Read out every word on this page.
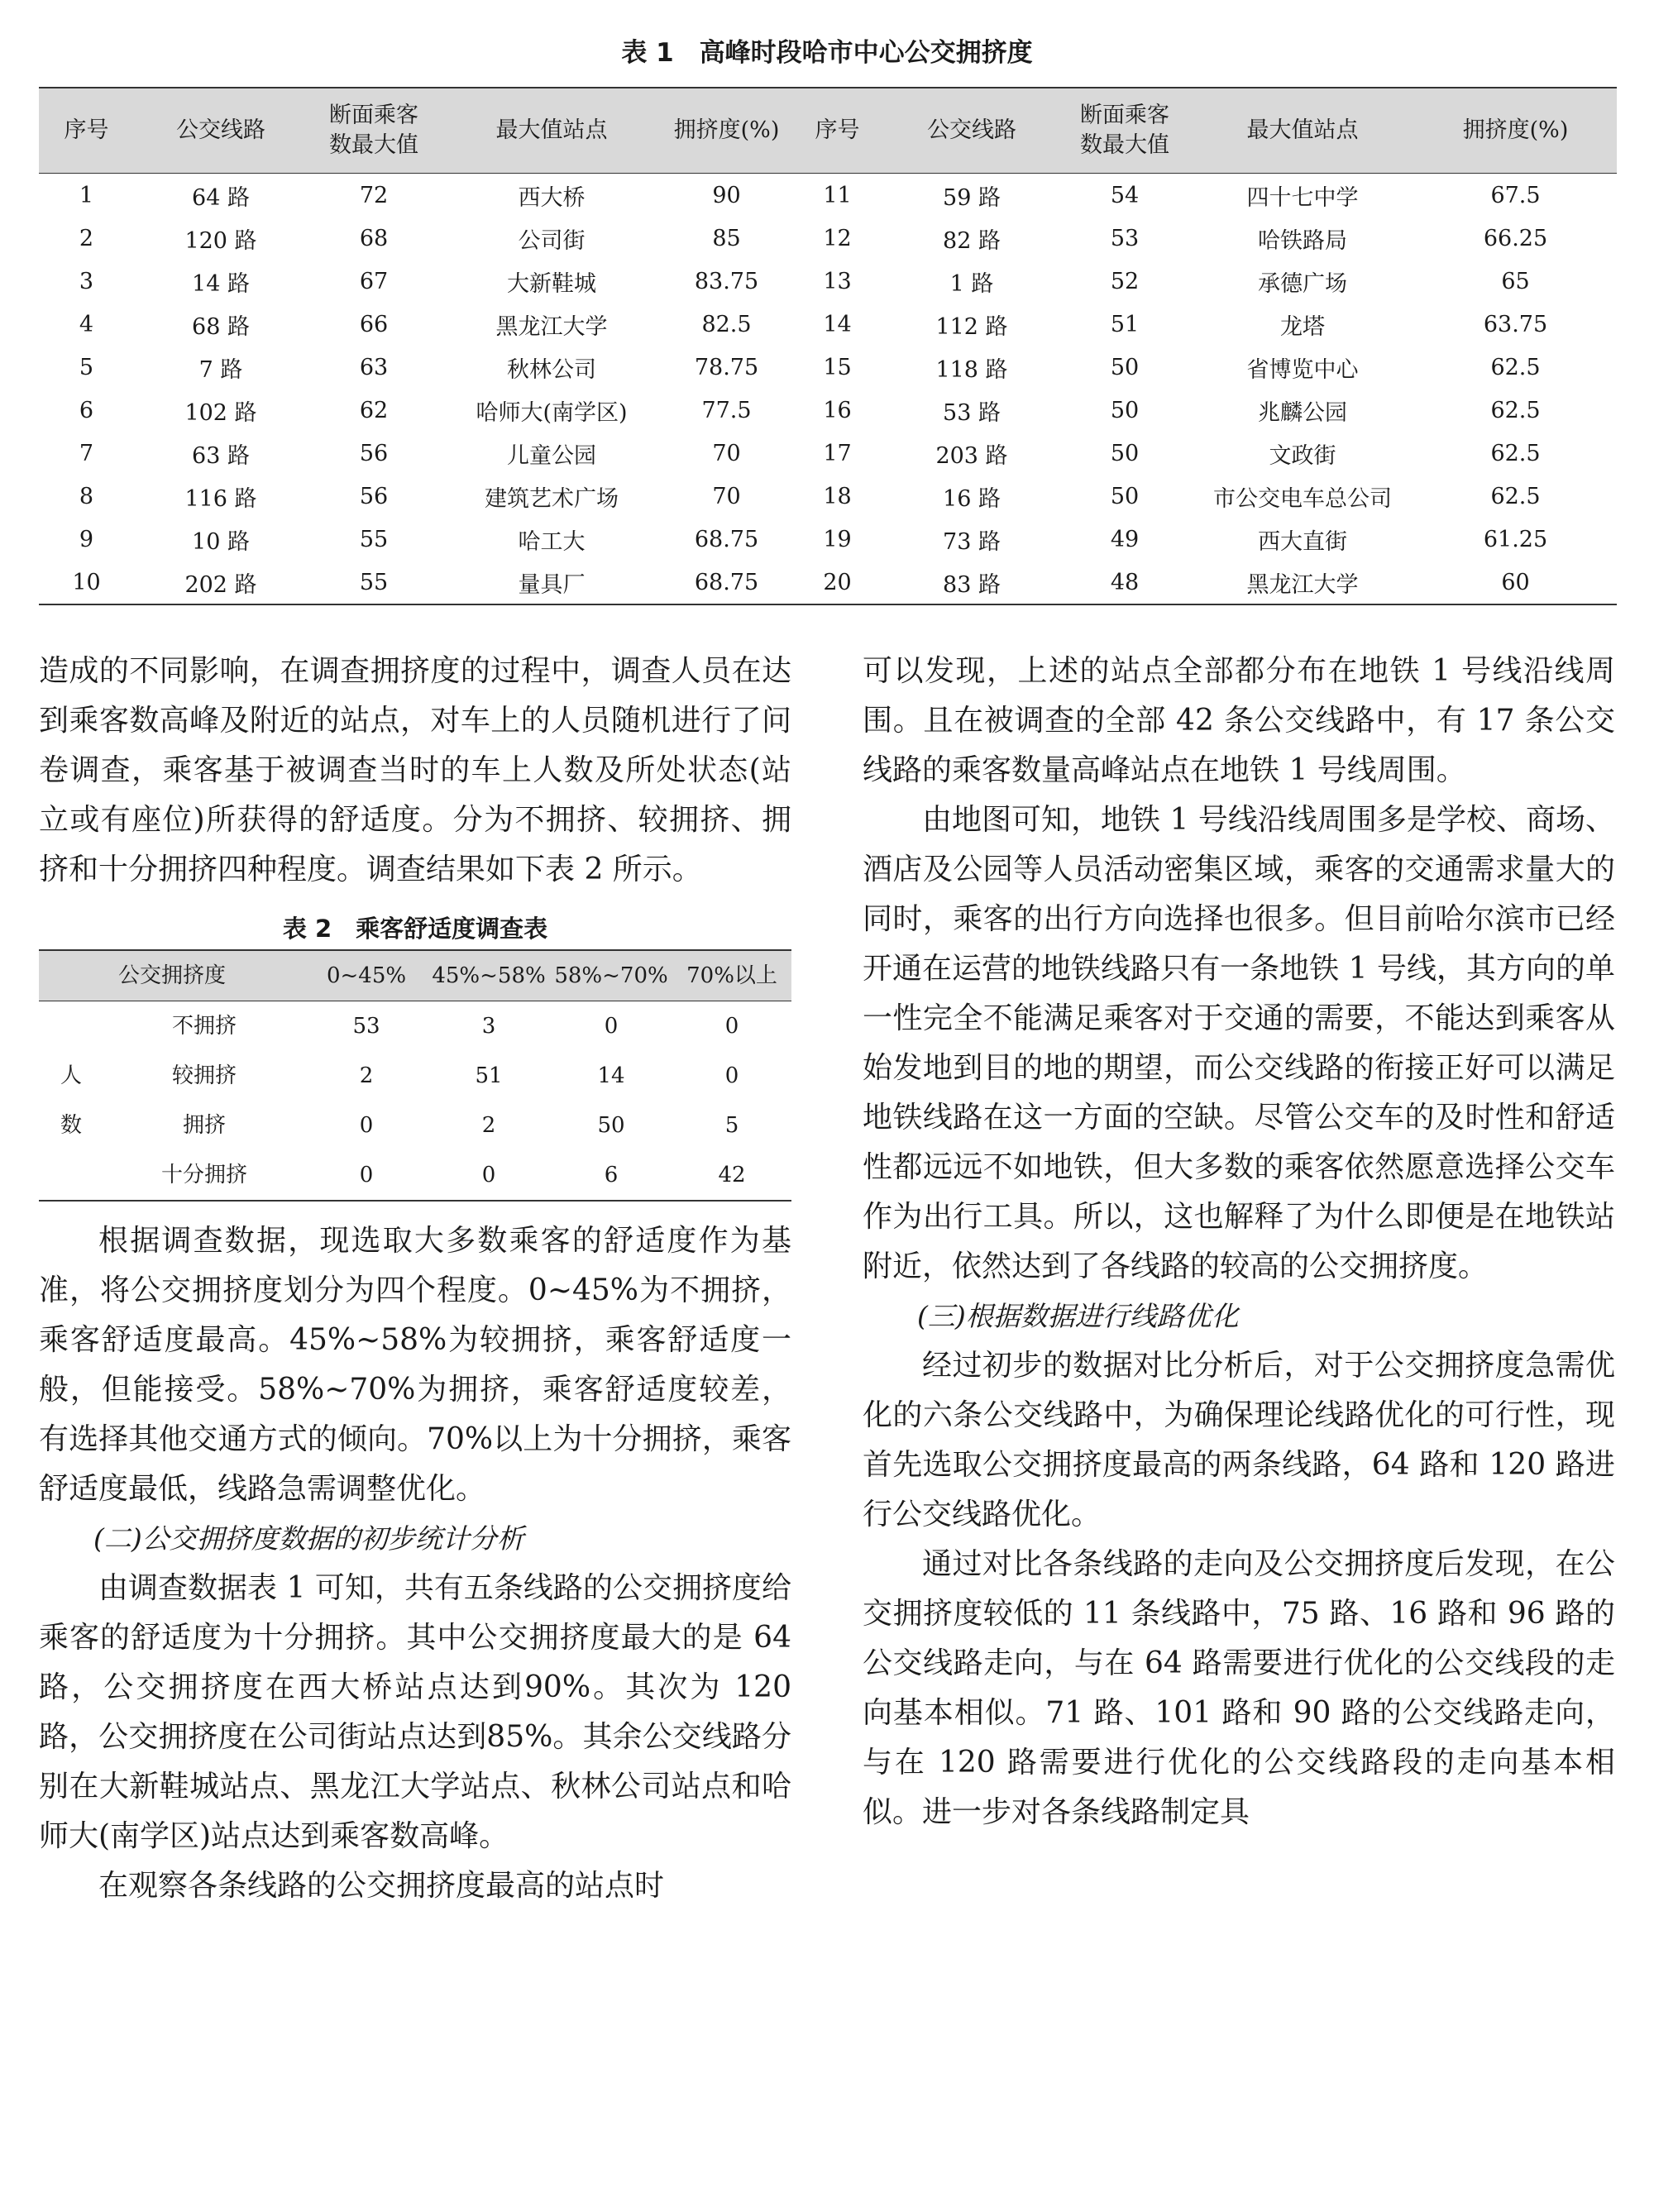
表 1　高峰时段哈市中心公交拥挤度
序号	公交线路	断面乘客数最大值	最大值站点	拥挤度(%)	序号	公交线路	断面乘客数最大值	最大值站点	拥挤度(%)
1	64 路	72	西大桥	90	11	59 路	54	四十七中学	67.5
2	120 路	68	公司街	85	12	82 路	53	哈铁路局	66.25
3	14 路	67	大新鞋城	83.75	13	1 路	52	承德广场	65
4	68 路	66	黑龙江大学	82.5	14	112 路	51	龙塔	63.75
5	7 路	63	秋林公司	78.75	15	118 路	50	省博览中心	62.5
6	102 路	62	哈师大(南学区)	77.5	16	53 路	50	兆麟公园	62.5
7	63 路	56	儿童公园	70	17	203 路	50	文政街	62.5
8	116 路	56	建筑艺术广场	70	18	16 路	50	市公交电车总公司	62.5
9	10 路	55	哈工大	68.75	19	73 路	49	西大直街	61.25
10	202 路	55	量具厂	68.75	20	83 路	48	黑龙江大学	60

造成的不同影响，在调查拥挤度的过程中，调查人员在达到乘客数高峰及附近的站点，对车上的人员随机进行了问卷调查，乘客基于被调查当时的车上人数及所处状态(站立或有座位)所获得的舒适度。分为不拥挤、较拥挤、拥挤和十分拥挤四种程度。调查结果如下表 2 所示。

表 2　乘客舒适度调查表
公交拥挤度		0~45%	45%~58%	58%~70%	70%以上
	不拥挤	53	3	0	0
人	较拥挤	2	51	14	0
数	拥挤	0	2	50	5
	十分拥挤	0	0	6	42

根据调查数据，现选取大多数乘客的舒适度作为基准，将公交拥挤度划分为四个程度。0~45%为不拥挤，乘客舒适度最高。45%~58%为较拥挤，乘客舒适度一般，但能接受。58%~70%为拥挤，乘客舒适度较差，有选择其他交通方式的倾向。70%以上为十分拥挤，乘客舒适度最低，线路急需调整优化。

(二)公交拥挤度数据的初步统计分析

由调查数据表 1 可知，共有五条线路的公交拥挤度给乘客的舒适度为十分拥挤。其中公交拥挤度最大的是 64 路，公交拥挤度在西大桥站点达到90%。其次为 120 路，公交拥挤度在公司街站点达到85%。其余公交线路分别在大新鞋城站点、黑龙江大学站点、秋林公司站点和哈师大(南学区)站点达到乘客数高峰。

在观察各条线路的公交拥挤度最高的站点时

可以发现，上述的站点全部都分布在地铁 1 号线沿线周围。且在被调查的全部 42 条公交线路中，有 17 条公交线路的乘客数量高峰站点在地铁 1 号线周围。

由地图可知，地铁 1 号线沿线周围多是学校、商场、酒店及公园等人员活动密集区域，乘客的交通需求量大的同时，乘客的出行方向选择也很多。但目前哈尔滨市已经开通在运营的地铁线路只有一条地铁 1 号线，其方向的单一性完全不能满足乘客对于交通的需要，不能达到乘客从始发地到目的地的期望，而公交线路的衔接正好可以满足地铁线路在这一方面的空缺。尽管公交车的及时性和舒适性都远远不如地铁，但大多数的乘客依然愿意选择公交车作为出行工具。所以，这也解释了为什么即便是在地铁站附近，依然达到了各线路的较高的公交拥挤度。

(三)根据数据进行线路优化

经过初步的数据对比分析后，对于公交拥挤度急需优化的六条公交线路中，为确保理论线路优化的可行性，现首先选取公交拥挤度最高的两条线路，64 路和 120 路进行公交线路优化。

通过对比各条线路的走向及公交拥挤度后发现，在公交拥挤度较低的 11 条线路中，75 路、16 路和 96 路的公交线路走向，与在 64 路需要进行优化的公交线段的走向基本相似。71 路、101 路和 90 路的公交线路走向，与在 120 路需要进行优化的公交线路段的走向基本相似。进一步对各条线路制定具
